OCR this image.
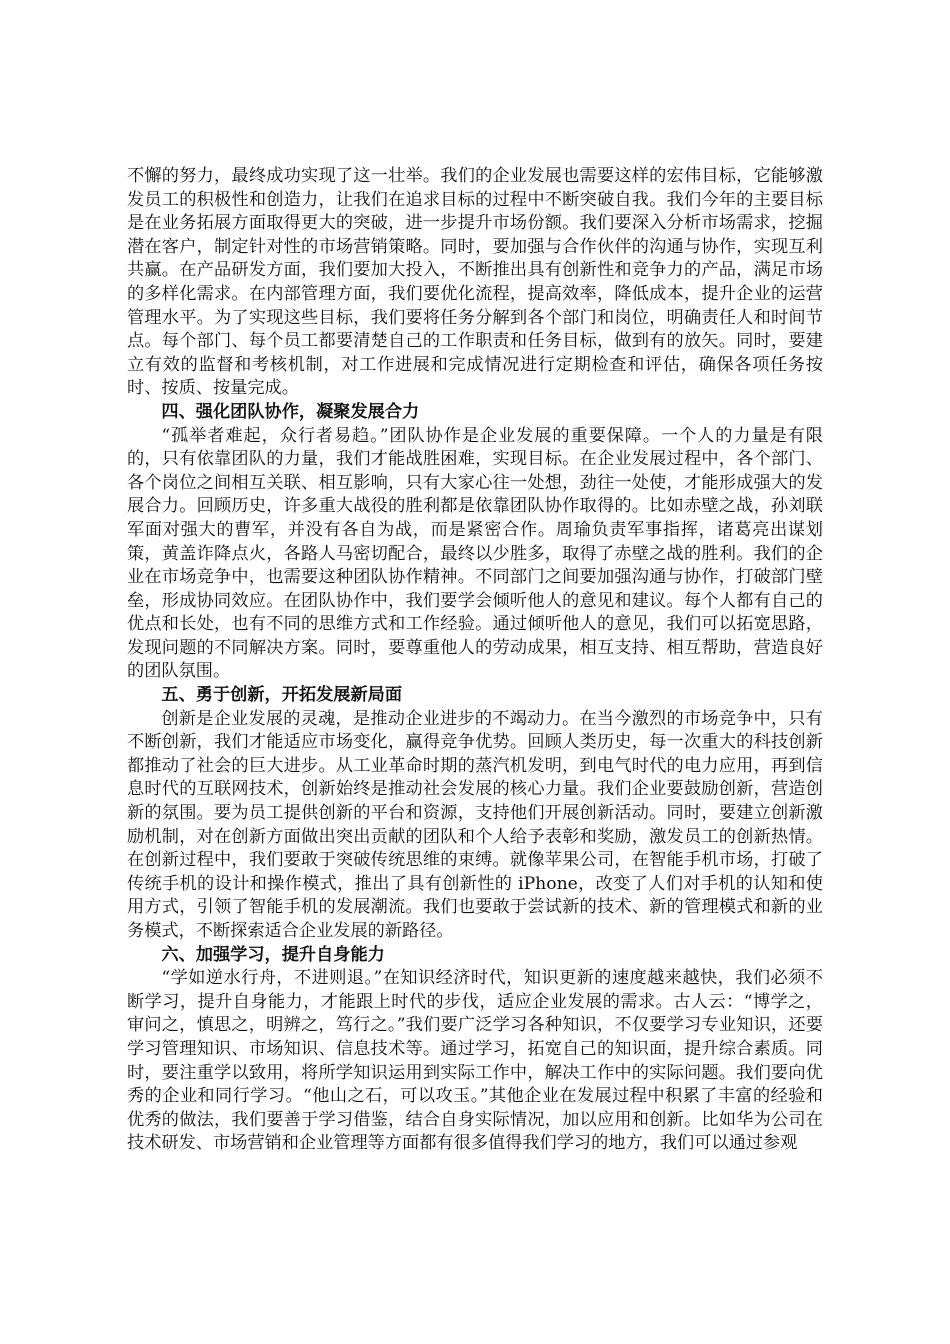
不懈的努力，最终成功实现了这一壮举。我们的企业发展也需要这样的宏伟目标，它能够激发员工的积极性和创造力，让我们在追求目标的过程中不断突破自我。我们今年的主要目标是在业务拓展方面取得更大的突破，进一步提升市场份额。我们要深入分析市场需求，挖掘潜在客户，制定针对性的市场营销策略。同时，要加强与合作伙伴的沟通与协作，实现互利共赢。在产品研发方面，我们要加大投入，不断推出具有创新性和竞争力的产品，满足市场的多样化需求。在内部管理方面，我们要优化流程，提高效率，降低成本，提升企业的运营管理水平。为了实现这些目标，我们要将任务分解到各个部门和岗位，明确责任人和时间节点。每个部门、每个员工都要清楚自己的工作职责和任务目标，做到有的放矢。同时，要建立有效的监督和考核机制，对工作进展和完成情况进行定期检查和评估，确保各项任务按时、按质、按量完成。

四、强化团队协作，凝聚发展合力

“孤举者难起，众行者易趋。”团队协作是企业发展的重要保障。一个人的力量是有限的，只有依靠团队的力量，我们才能战胜困难，实现目标。在企业发展过程中，各个部门、各个岗位之间相互关联、相互影响，只有大家心往一处想，劲往一处使，才能形成强大的发展合力。回顾历史，许多重大战役的胜利都是依靠团队协作取得的。比如赤壁之战，孙刘联军面对强大的曹军，并没有各自为战，而是紧密合作。周瑜负责军事指挥，诸葛亮出谋划策，黄盖诈降点火，各路人马密切配合，最终以少胜多，取得了赤壁之战的胜利。我们的企业在市场竞争中，也需要这种团队协作精神。不同部门之间要加强沟通与协作，打破部门壁垒，形成协同效应。在团队协作中，我们要学会倾听他人的意见和建议。每个人都有自己的优点和长处，也有不同的思维方式和工作经验。通过倾听他人的意见，我们可以拓宽思路，发现问题的不同解决方案。同时，要尊重他人的劳动成果，相互支持、相互帮助，营造良好的团队氛围。

五、勇于创新，开拓发展新局面

创新是企业发展的灵魂，是推动企业进步的不竭动力。在当今激烈的市场竞争中，只有不断创新，我们才能适应市场变化，赢得竞争优势。回顾人类历史，每一次重大的科技创新都推动了社会的巨大进步。从工业革命时期的蒸汽机发明，到电气时代的电力应用，再到信息时代的互联网技术，创新始终是推动社会发展的核心力量。我们企业要鼓励创新，营造创新的氛围。要为员工提供创新的平台和资源，支持他们开展创新活动。同时，要建立创新激励机制，对在创新方面做出突出贡献的团队和个人给予表彰和奖励，激发员工的创新热情。在创新过程中，我们要敢于突破传统思维的束缚。就像苹果公司，在智能手机市场，打破了传统手机的设计和操作模式，推出了具有创新性的 iPhone，改变了人们对手机的认知和使用方式，引领了智能手机的发展潮流。我们也要敢于尝试新的技术、新的管理模式和新的业务模式，不断探索适合企业发展的新路径。

六、加强学习，提升自身能力

“学如逆水行舟，不进则退。”在知识经济时代，知识更新的速度越来越快，我们必须不断学习，提升自身能力，才能跟上时代的步伐，适应企业发展的需求。古人云：“博学之，审问之，慎思之，明辨之，笃行之。”我们要广泛学习各种知识，不仅要学习专业知识，还要学习管理知识、市场知识、信息技术等。通过学习，拓宽自己的知识面，提升综合素质。同时，要注重学以致用，将所学知识运用到实际工作中，解决工作中的实际问题。我们要向优秀的企业和同行学习。“他山之石，可以攻玉。”其他企业在发展过程中积累了丰富的经验和优秀的做法，我们要善于学习借鉴，结合自身实际情况，加以应用和创新。比如华为公司在技术研发、市场营销和企业管理等方面都有很多值得我们学习的地方，我们可以通过参观
